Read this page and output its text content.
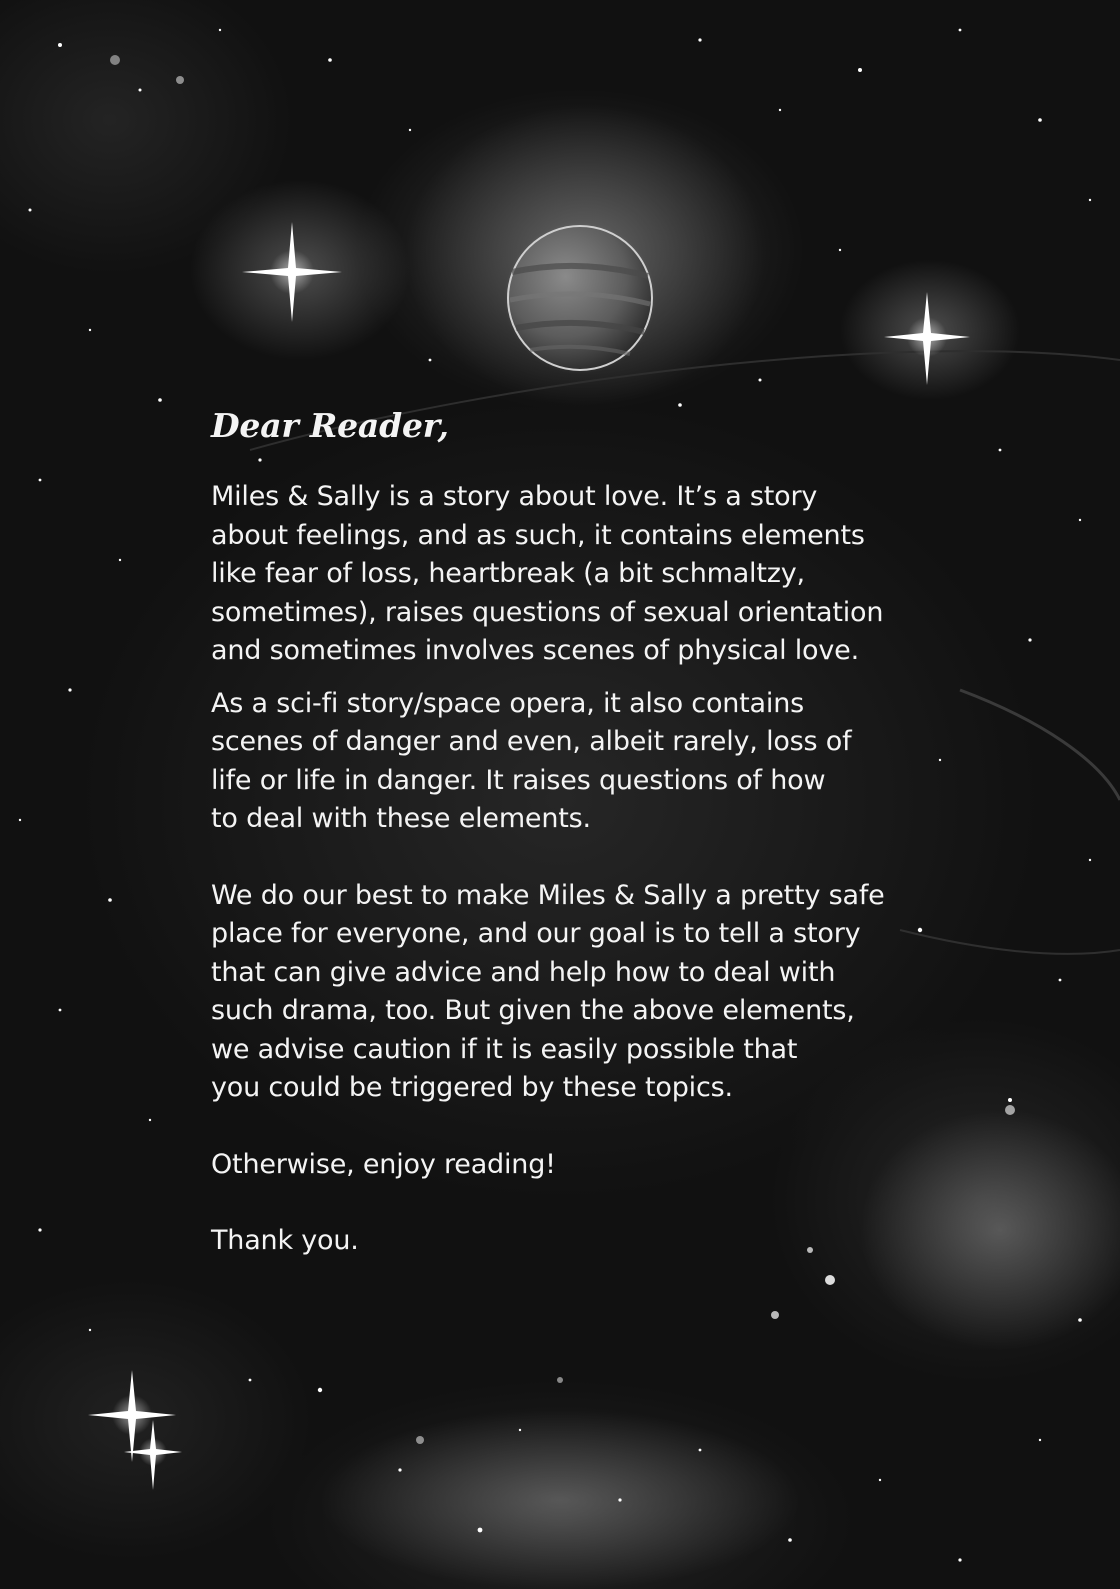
Dear Reader,

Miles & Sally is a story about love. It’s a story
about feelings, and as such, it contains elements
like fear of loss, heartbreak (a bit schmaltzy,
sometimes), raises questions of sexual orientation
and sometimes involves scenes of physical love.

As a sci-fi story/space opera, it also contains
scenes of danger and even, albeit rarely, loss of
life or life in danger. It raises questions of how
to deal with these elements.

We do our best to make Miles & Sally a pretty safe
place for everyone, and our goal is to tell a story
that can give advice and help how to deal with
such drama, too. But given the above elements,
we advise caution if it is easily possible that
you could be triggered by these topics.

Otherwise, enjoy reading!

Thank you.
